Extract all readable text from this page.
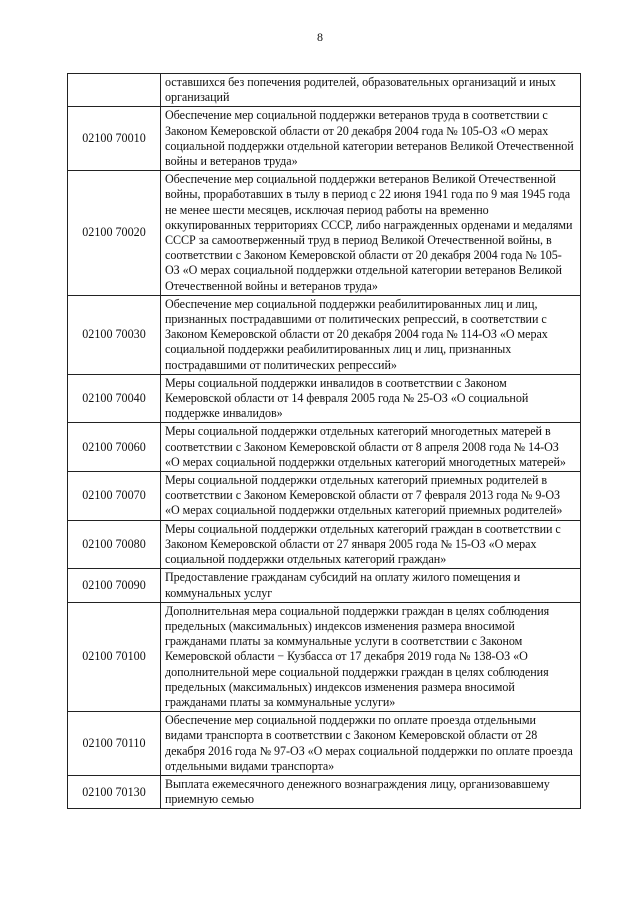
8
	оставшихся без попечения родителей, образовательных организаций и иных организаций
02100 70010	Обеспечение мер социальной поддержки ветеранов труда в соответствии с Законом Кемеровской области от 20 декабря 2004 года № 105-ОЗ «О мерах социальной поддержки отдельной категории ветеранов Великой Отечественной войны и ветеранов труда»
02100 70020	Обеспечение мер социальной поддержки ветеранов Великой Отечественной войны, проработавших в тылу в период с 22 июня 1941 года по 9 мая 1945 года не менее шести месяцев, исключая период работы на временно оккупированных территориях СССР, либо награжденных орденами и медалями СССР за самоотверженный труд в период Великой Отечественной войны, в соответствии с Законом Кемеровской области от 20 декабря 2004 года № 105-ОЗ «О мерах социальной поддержки отдельной категории ветеранов Великой Отечественной войны и ветеранов труда»
02100 70030	Обеспечение мер социальной поддержки реабилитированных лиц и лиц, признанных пострадавшими от политических репрессий, в соответствии с Законом Кемеровской области от 20 декабря 2004 года № 114-ОЗ «О мерах социальной поддержки реабилитированных лиц и лиц, признанных пострадавшими от политических репрессий»
02100 70040	Меры социальной поддержки инвалидов в соответствии с Законом Кемеровской области от 14 февраля 2005 года № 25-ОЗ «О социальной поддержке инвалидов»
02100 70060	Меры социальной поддержки отдельных категорий многодетных матерей в соответствии с Законом Кемеровской области от 8 апреля 2008 года № 14-ОЗ «О мерах социальной поддержки отдельных категорий многодетных матерей»
02100 70070	Меры социальной поддержки отдельных категорий приемных родителей в соответствии с Законом Кемеровской области от 7 февраля 2013 года № 9-ОЗ «О мерах социальной поддержки отдельных категорий приемных родителей»
02100 70080	Меры социальной поддержки отдельных категорий граждан в соответствии с Законом Кемеровской области от 27 января 2005 года № 15-ОЗ «О мерах социальной поддержки отдельных категорий граждан»
02100 70090	Предоставление гражданам субсидий на оплату жилого помещения и коммунальных услуг
02100 70100	Дополнительная мера социальной поддержки граждан в целях соблюдения предельных (максимальных) индексов изменения размера вносимой гражданами платы за коммунальные услуги в соответствии с Законом Кемеровской области − Кузбасса от 17 декабря 2019 года № 138-ОЗ «О дополнительной мере социальной поддержки граждан в целях соблюдения предельных (максимальных) индексов изменения размера вносимой гражданами платы за коммунальные услуги»
02100 70110	Обеспечение мер социальной поддержки по оплате проезда отдельными видами транспорта в соответствии с Законом Кемеровской области от 28 декабря 2016 года № 97-ОЗ «О мерах социальной поддержки по оплате проезда отдельными видами транспорта»
02100 70130	Выплата ежемесячного денежного вознаграждения лицу, организовавшему приемную семью
